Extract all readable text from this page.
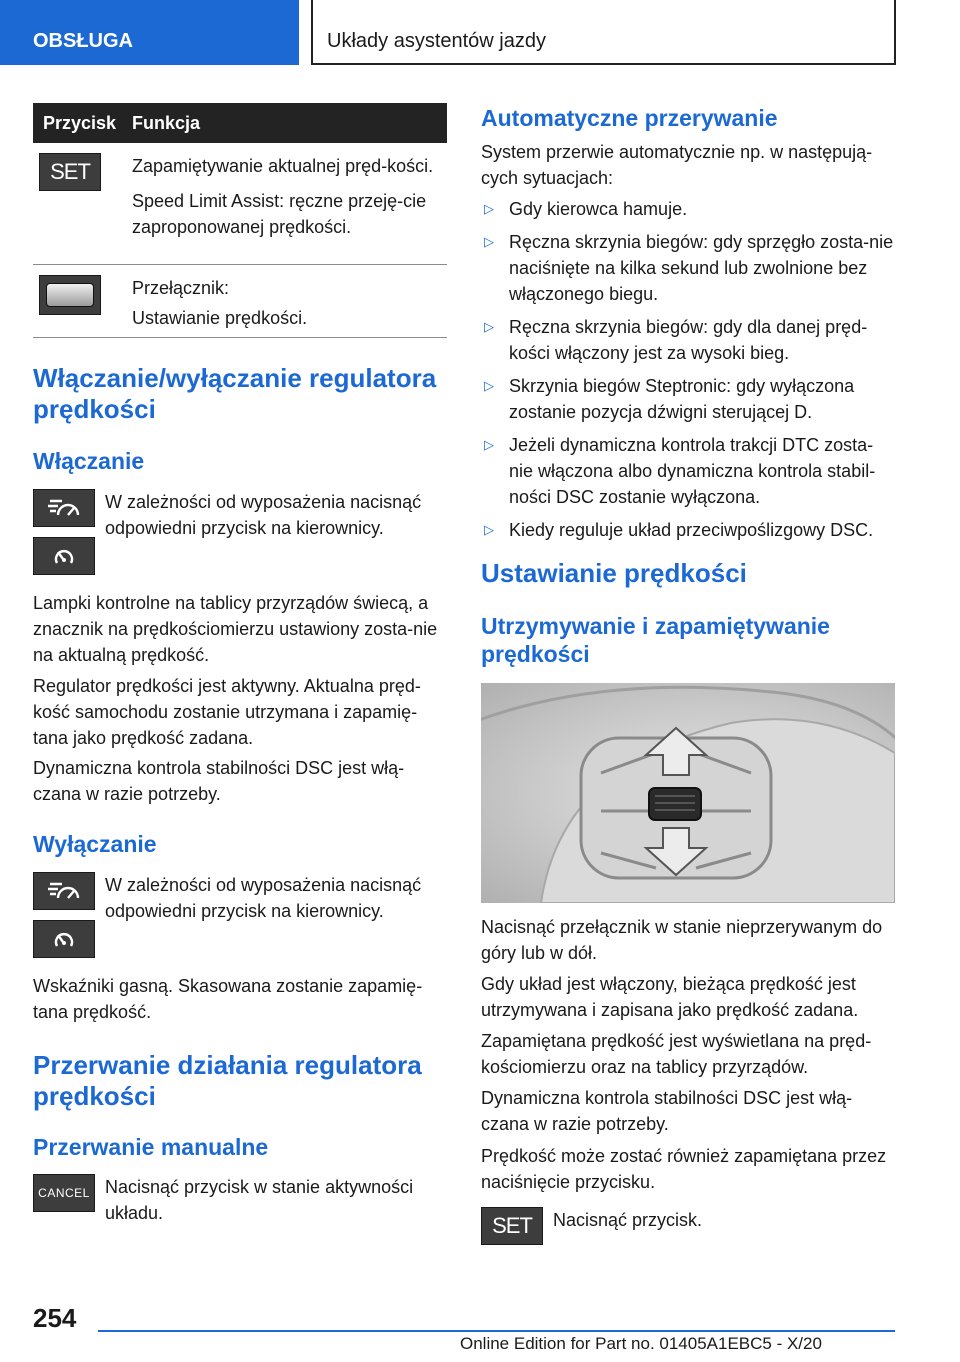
OBSŁUGA	Układy asystentów jazdy
Przycisk Funkcja
SET Zapamiętywanie aktualnej pręd-kości.

Speed Limit Assist: ręczne przeję-cie zaproponowanej prędkości.

Przełącznik:

Ustawianie prędkości.

Włączanie/wyłączanie regulatora prędkości
Włączanie
W zależności od wyposażenia nacisnąć odpowiedni przycisk na kierownicy.

Lampki kontrolne na tablicy przyrządów świecą, a znacznik na prędkościomierzu ustawiony zosta-nie na aktualną prędkość.

Regulator prędkości jest aktywny. Aktualna pręd-kość samochodu zostanie utrzymana i zapamię-tana jako prędkość zadana.

Dynamiczna kontrola stabilności DSC jest włą-czana w razie potrzeby.

Wyłączanie
W zależności od wyposażenia nacisnąć odpowiedni przycisk na kierownicy.

Wskaźniki gasną. Skasowana zostanie zapamię-tana prędkość.

Przerwanie działania regulatora prędkości
Przerwanie manualne
CANCEL Nacisnąć przycisk w stanie aktywności układu.
Automatyczne przerywanie

System przerwie automatycznie np. w następują-cych sytuacjach:

▷ Gdy kierowca hamuje.
▷ Ręczna skrzynia biegów: gdy sprzęgło zosta-nie naciśnięte na kilka sekund lub zwolnione bez włączonego biegu.
▷ Ręczna skrzynia biegów: gdy dla danej pręd-kości włączony jest za wysoki bieg.
▷ Skrzynia biegów Steptronic: gdy wyłączona zostanie pozycja dźwigni sterującej D.
▷ Jeżeli dynamiczna kontrola trakcji DTC zosta-nie włączona albo dynamiczna kontrola stabil-ności DSC zostanie wyłączona.
▷ Kiedy reguluje układ przeciwpoślizgowy DSC.
Ustawianie prędkości
Utrzymywanie i zapamiętywanie prędkości

Nacisnąć przełącznik w stanie nieprzerywanym do góry lub w dół.

Gdy układ jest włączony, bieżąca prędkość jest utrzymywana i zapisana jako prędkość zadana.

Zapamiętana prędkość jest wyświetlana na pręd-kościomierzu oraz na tablicy przyrządów.

Dynamiczna kontrola stabilności DSC jest włą-czana w razie potrzeby.

Prędkość może zostać również zapamiętana przez naciśnięcie przycisku.

SET Nacisnąć przycisk.
254
Online Edition for Part no. 01405A1EBC5 - X/20
